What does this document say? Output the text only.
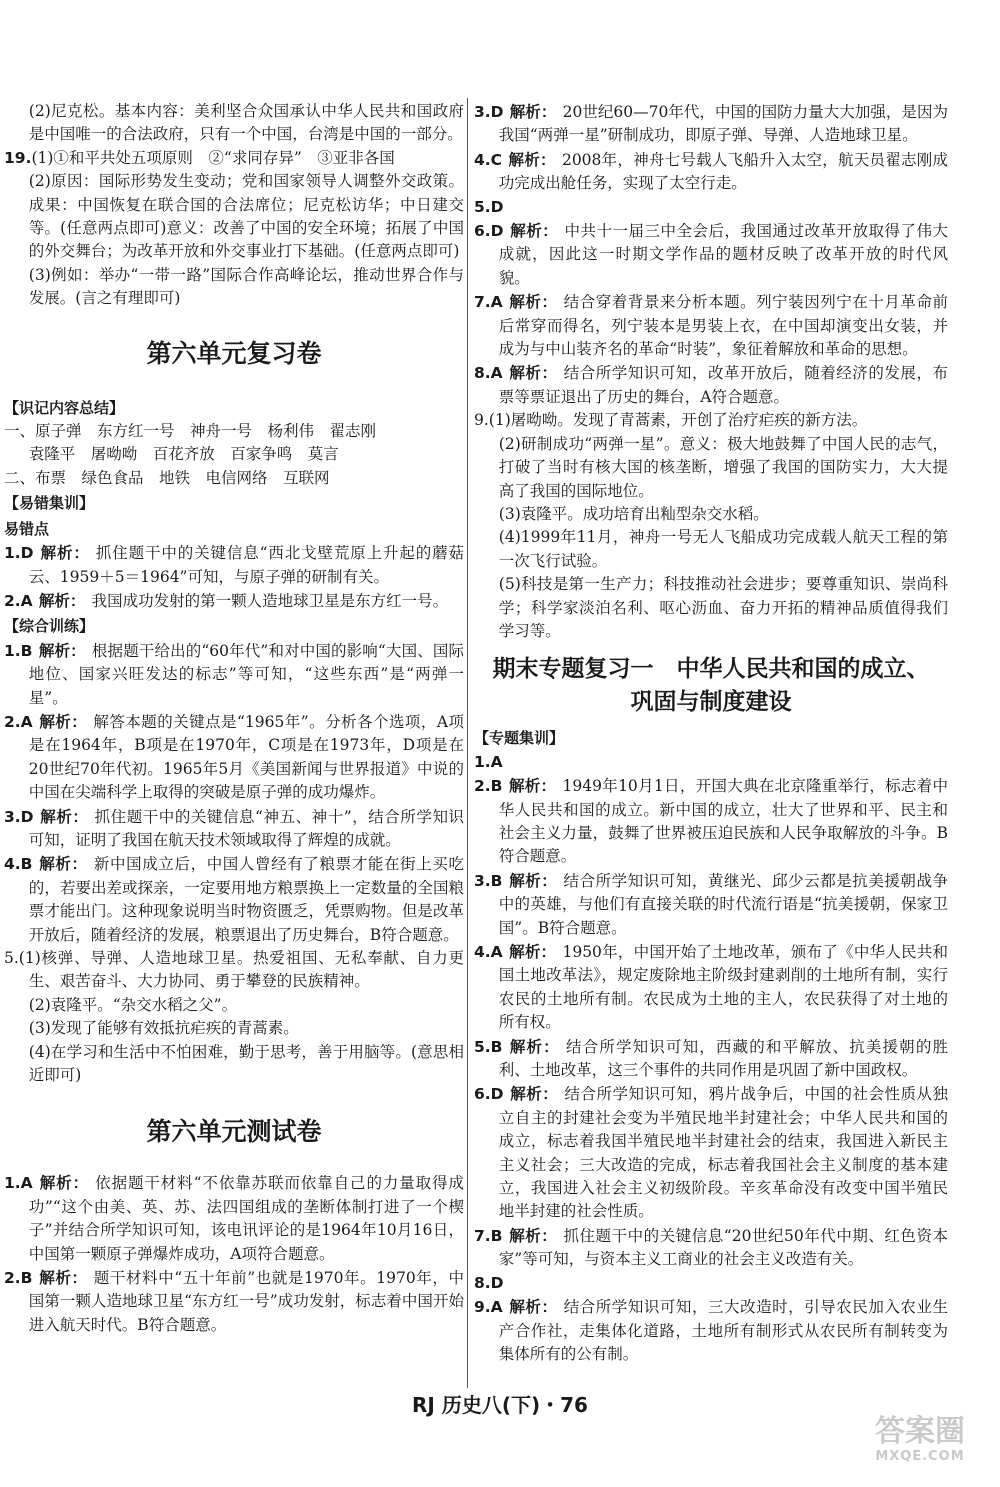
(2)尼克松。基本内容：美利坚合众国承认中华人民共和国政府是中国唯一的合法政府，只有一个中国，台湾是中国的一部分。

19.(1)①和平共处五项原则　②“求同存异”　③亚非各国

(2)原因：国际形势发生变动；党和国家领导人调整外交政策。成果：中国恢复在联合国的合法席位；尼克松访华；中日建交等。(任意两点即可)意义：改善了中国的安全环境；拓展了中国的外交舞台；为改革开放和外交事业打下基础。(任意两点即可)

(3)例如：举办“一带一路”国际合作高峰论坛，推动世界合作与发展。(言之有理即可)

第六单元复习卷

【识记内容总结】

一、原子弹　东方红一号　神舟一号　杨利伟　翟志刚

袁隆平　屠呦呦　百花齐放　百家争鸣　莫言

二、布票　绿色食品　地铁　电信网络　互联网

【易错集训】

易错点

1.D 解析： 抓住题干中的关键信息“西北戈壁荒原上升起的蘑菇云、1959＋5＝1964”可知，与原子弹的研制有关。

2.A 解析： 我国成功发射的第一颗人造地球卫星是东方红一号。

【综合训练】

1.B 解析： 根据题干给出的“60年代”和对中国的影响“大国、国际地位、国家兴旺发达的标志”等可知，“这些东西”是“两弹一星”。

2.A 解析： 解答本题的关键点是“1965年”。分析各个选项，A项是在1964年，B项是在1970年，C项是在1973年，D项是在20世纪70年代初。1965年5月《美国新闻与世界报道》中说的中国在尖端科学上取得的突破是原子弹的成功爆炸。

3.D 解析： 抓住题干中的关键信息“神五、神十”，结合所学知识可知，证明了我国在航天技术领域取得了辉煌的成就。

4.B 解析： 新中国成立后，中国人曾经有了粮票才能在街上买吃的，若要出差或探亲，一定要用地方粮票换上一定数量的全国粮票才能出门。这种现象说明当时物资匮乏，凭票购物。但是改革开放后，随着经济的发展，粮票退出了历史舞台，B符合题意。

5.(1)核弹、导弹、人造地球卫星。热爱祖国、无私奉献、自力更生、艰苦奋斗、大力协同、勇于攀登的民族精神。

(2)袁隆平。“杂交水稻之父”。

(3)发现了能够有效抵抗疟疾的青蒿素。

(4)在学习和生活中不怕困难，勤于思考，善于用脑等。(意思相近即可)

第六单元测试卷

1.A 解析： 依据题干材料“不依靠苏联而依靠自己的力量取得成功”“这个由美、英、苏、法四国组成的垄断体制打进了一个楔子”并结合所学知识可知，该电讯评论的是1964年10月16日，中国第一颗原子弹爆炸成功，A项符合题意。

2.B 解析： 题干材料中“五十年前”也就是1970年。1970年，中国第一颗人造地球卫星“东方红一号”成功发射，标志着中国开始进入航天时代。B符合题意。

3.D 解析： 20世纪60—70年代，中国的国防力量大大加强，是因为我国“两弹一星”研制成功，即原子弹、导弹、人造地球卫星。

4.C 解析： 2008年，神舟七号载人飞船升入太空，航天员翟志刚成功完成出舱任务，实现了太空行走。

5.D

6.D 解析： 中共十一届三中全会后，我国通过改革开放取得了伟大成就，因此这一时期文学作品的题材反映了改革开放的时代风貌。

7.A 解析： 结合穿着背景来分析本题。列宁装因列宁在十月革命前后常穿而得名，列宁装本是男装上衣，在中国却演变出女装，并成为与中山装齐名的革命“时装”，象征着解放和革命的思想。

8.A 解析： 结合所学知识可知，改革开放后，随着经济的发展，布票等票证退出了历史的舞台，A符合题意。

9.(1)屠呦呦。发现了青蒿素，开创了治疗疟疾的新方法。

(2)研制成功“两弹一星”。意义：极大地鼓舞了中国人民的志气，打破了当时有核大国的核垄断，增强了我国的国防实力，大大提高了我国的国际地位。

(3)袁隆平。成功培育出籼型杂交水稻。

(4)1999年11月，神舟一号无人飞船成功完成载人航天工程的第一次飞行试验。

(5)科技是第一生产力；科技推动社会进步；要尊重知识、崇尚科学；科学家淡泊名利、呕心沥血、奋力开拓的精神品质值得我们学习等。

期末专题复习一　中华人民共和国的成立、
巩固与制度建设

【专题集训】

1.A

2.B 解析： 1949年10月1日，开国大典在北京隆重举行，标志着中华人民共和国的成立。新中国的成立，壮大了世界和平、民主和社会主义力量，鼓舞了世界被压迫民族和人民争取解放的斗争。B符合题意。

3.B 解析： 结合所学知识可知，黄继光、邱少云都是抗美援朝战争中的英雄，与他们有直接关联的时代流行语是“抗美援朝，保家卫国”。B符合题意。

4.A 解析： 1950年，中国开始了土地改革，颁布了《中华人民共和国土地改革法》，规定废除地主阶级封建剥削的土地所有制，实行农民的土地所有制。农民成为土地的主人，农民获得了对土地的所有权。

5.B 解析： 结合所学知识可知，西藏的和平解放、抗美援朝的胜利、土地改革，这三个事件的共同作用是巩固了新中国政权。

6.D 解析： 结合所学知识可知，鸦片战争后，中国的社会性质从独立自主的封建社会变为半殖民地半封建社会；中华人民共和国的成立，标志着我国半殖民地半封建社会的结束，我国进入新民主主义社会；三大改造的完成，标志着我国社会主义制度的基本建立，我国进入社会主义初级阶段。辛亥革命没有改变中国半殖民地半封建的社会性质。

7.B 解析： 抓住题干中的关键信息“20世纪50年代中期、红色资本家”等可知，与资本主义工商业的社会主义改造有关。

8.D

9.A 解析： 结合所学知识可知，三大改造时，引导农民加入农业生产合作社，走集体化道路，土地所有制形式从农民所有制转变为集体所有的公有制。

RJ 历史八(下)・76
答案圈
MXQE.COM
